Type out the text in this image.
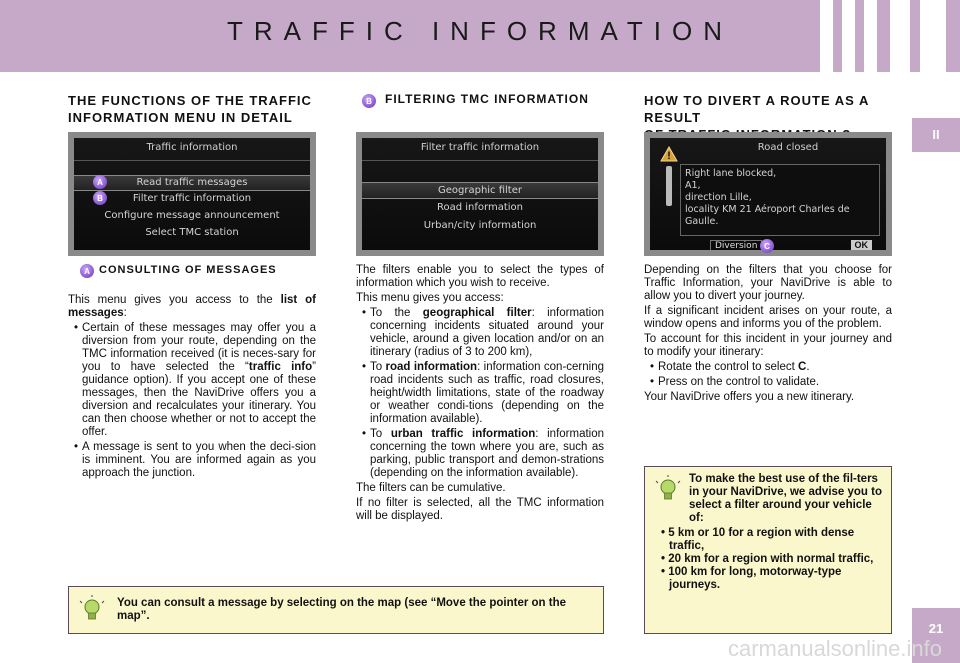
TRAFFIC INFORMATION
II
21
THE FUNCTIONS OF THE TRAFFIC
INFORMATION MENU IN DETAIL
Traffic information
Read traffic messages
Filter traffic information
Configure message announcement
Select TMC station
A
B
A CONSULTING OF MESSAGES

This menu gives you access to the list of messages:

• Certain of these messages may offer you a diversion from your route, depending on the TMC information received (it is neces-sary for you to have selected the “traffic info” guidance option). If you accept one of these messages, then the NaviDrive offers you a diversion and recalculates your itinerary. You can then choose whether or not to accept the offer.

• A message is sent to you when the deci-sion is imminent. You are informed again as you approach the junction.

B	FILTERING TMC INFORMATION
Filter traffic information
Geographic filter
Road information
Urban/city information

The filters enable you to select the types of information which you wish to receive.

This menu gives you access:

• To the geographical filter: information concerning incidents situated around your vehicle, around a given location and/or on an itinerary (radius of 3 to 200 km),

• To road information: information con-cerning road incidents such as traffic, road closures, height/width limitations, state of the roadway or weather condi-tions (depending on the information available).

• To urban traffic information: information concerning the town where you are, such as parking, public transport and demon-strations (depending on the information available).

The filters can be cumulative.

If no filter is selected, all the TMC information will be displayed.

HOW TO DIVERT A ROUTE AS A RESULT
Road closed
Right lane blocked,
A1,
direction Lille,
locality KM 21 Aéroport Charles de
Gaulle.
Diversion	OK
C

Depending on the filters that you choose for Traffic Information, your NaviDrive is able to allow you to divert your journey.

If a significant incident arises on your route, a window opens and informs you of the problem.

To account for this incident in your journey and to modify your itinerary:

• Rotate the control to select C.

• Press on the control to validate.

Your NaviDrive offers you a new itinerary.

To make the best use of the fil-ters in your NaviDrive, we advise you to select a filter around your vehicle of:
• 5 km or 10 for a region with dense traffic,
• 20 km for a region with normal traffic,
• 100 km for long, motorway-type journeys.
You can consult a message by selecting on the map (see “Move the pointer on the map”.
carmanualsonline.info
